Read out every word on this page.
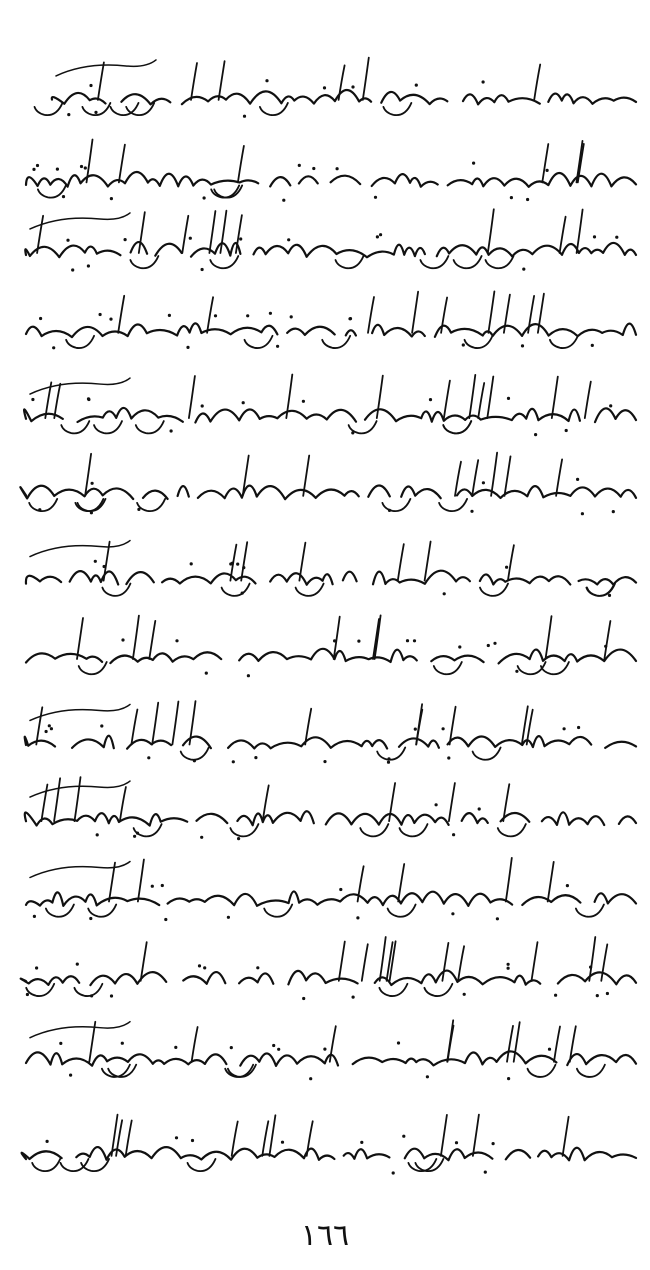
١٦٦
